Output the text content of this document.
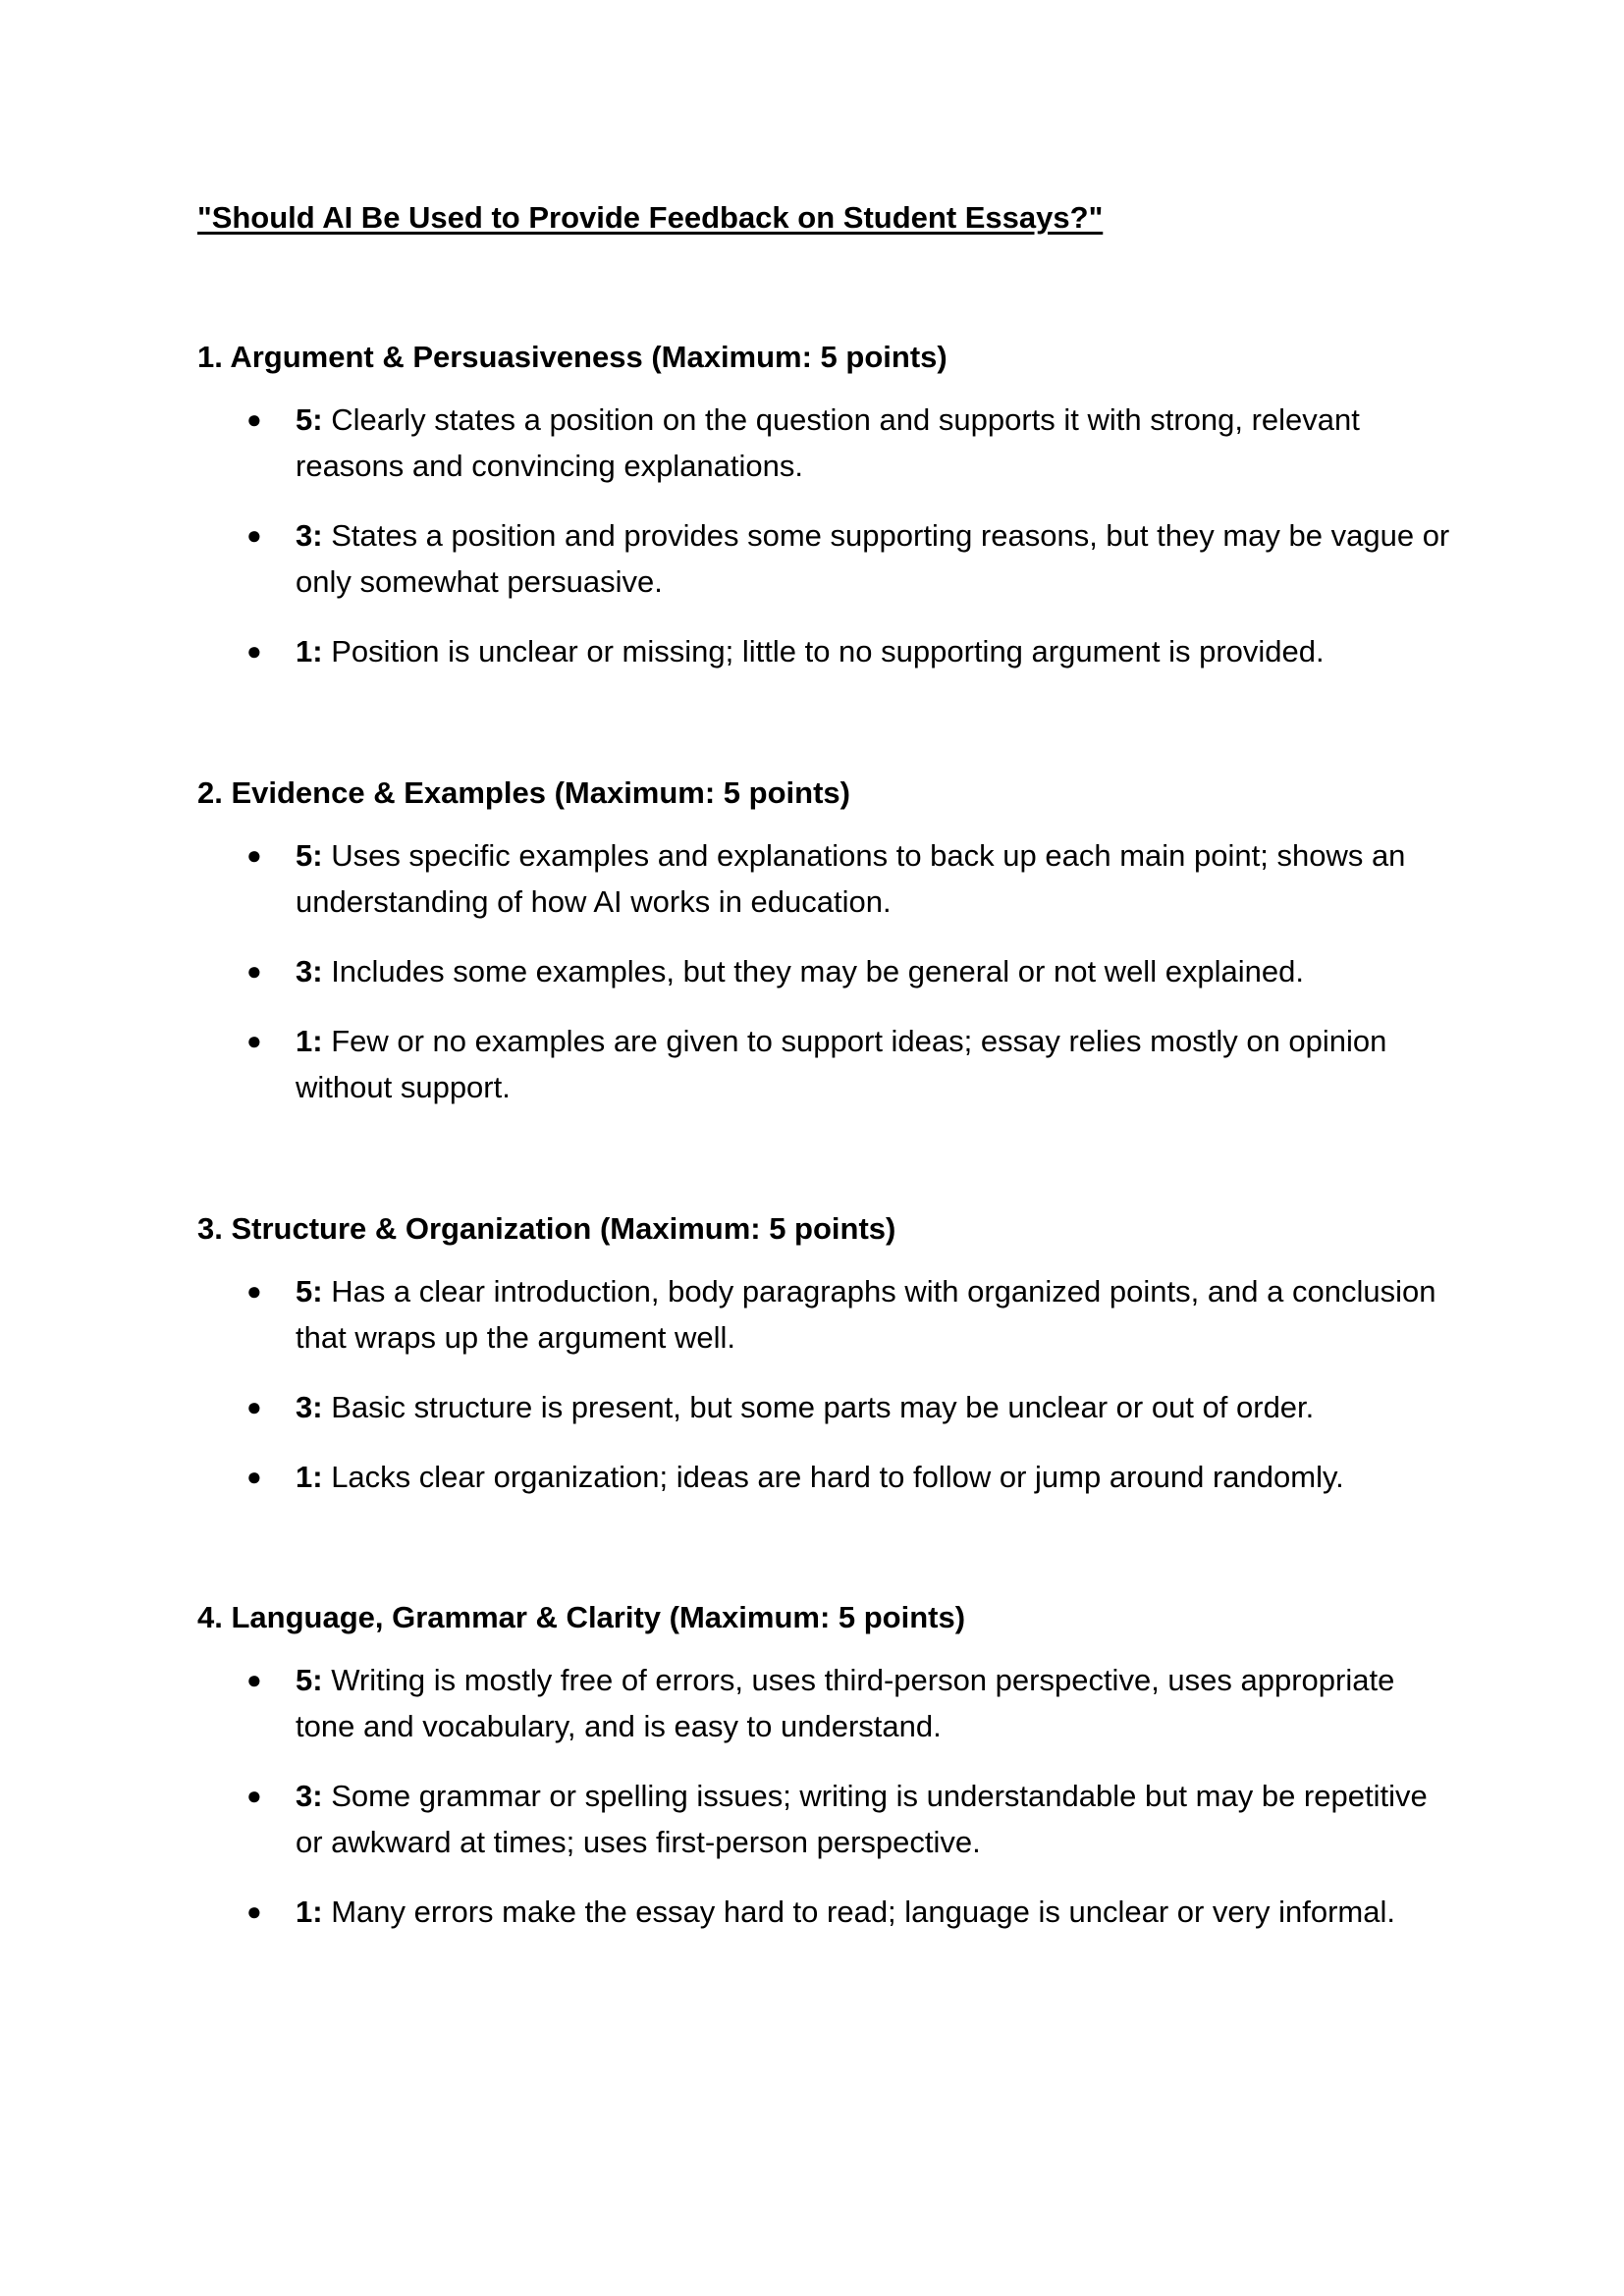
"Should AI Be Used to Provide Feedback on Student Essays?"
1. Argument & Persuasiveness (Maximum: 5 points)
● 5: Clearly states a position on the question and supports it with strong, relevant reasons and convincing explanations.
● 3: States a position and provides some supporting reasons, but they may be vague or only somewhat persuasive.
● 1: Position is unclear or missing; little to no supporting argument is provided.
2. Evidence & Examples (Maximum: 5 points)
● 5: Uses specific examples and explanations to back up each main point; shows an understanding of how AI works in education.
● 3: Includes some examples, but they may be general or not well explained.
● 1: Few or no examples are given to support ideas; essay relies mostly on opinion without support.
3. Structure & Organization (Maximum: 5 points)
● 5: Has a clear introduction, body paragraphs with organized points, and a conclusion that wraps up the argument well.
● 3: Basic structure is present, but some parts may be unclear or out of order.
● 1: Lacks clear organization; ideas are hard to follow or jump around randomly.
4. Language, Grammar & Clarity (Maximum: 5 points)
● 5: Writing is mostly free of errors, uses third-person perspective, uses appropriate tone and vocabulary, and is easy to understand.
● 3: Some grammar or spelling issues; writing is understandable but may be repetitive or awkward at times; uses first-person perspective.
● 1: Many errors make the essay hard to read; language is unclear or very informal.
